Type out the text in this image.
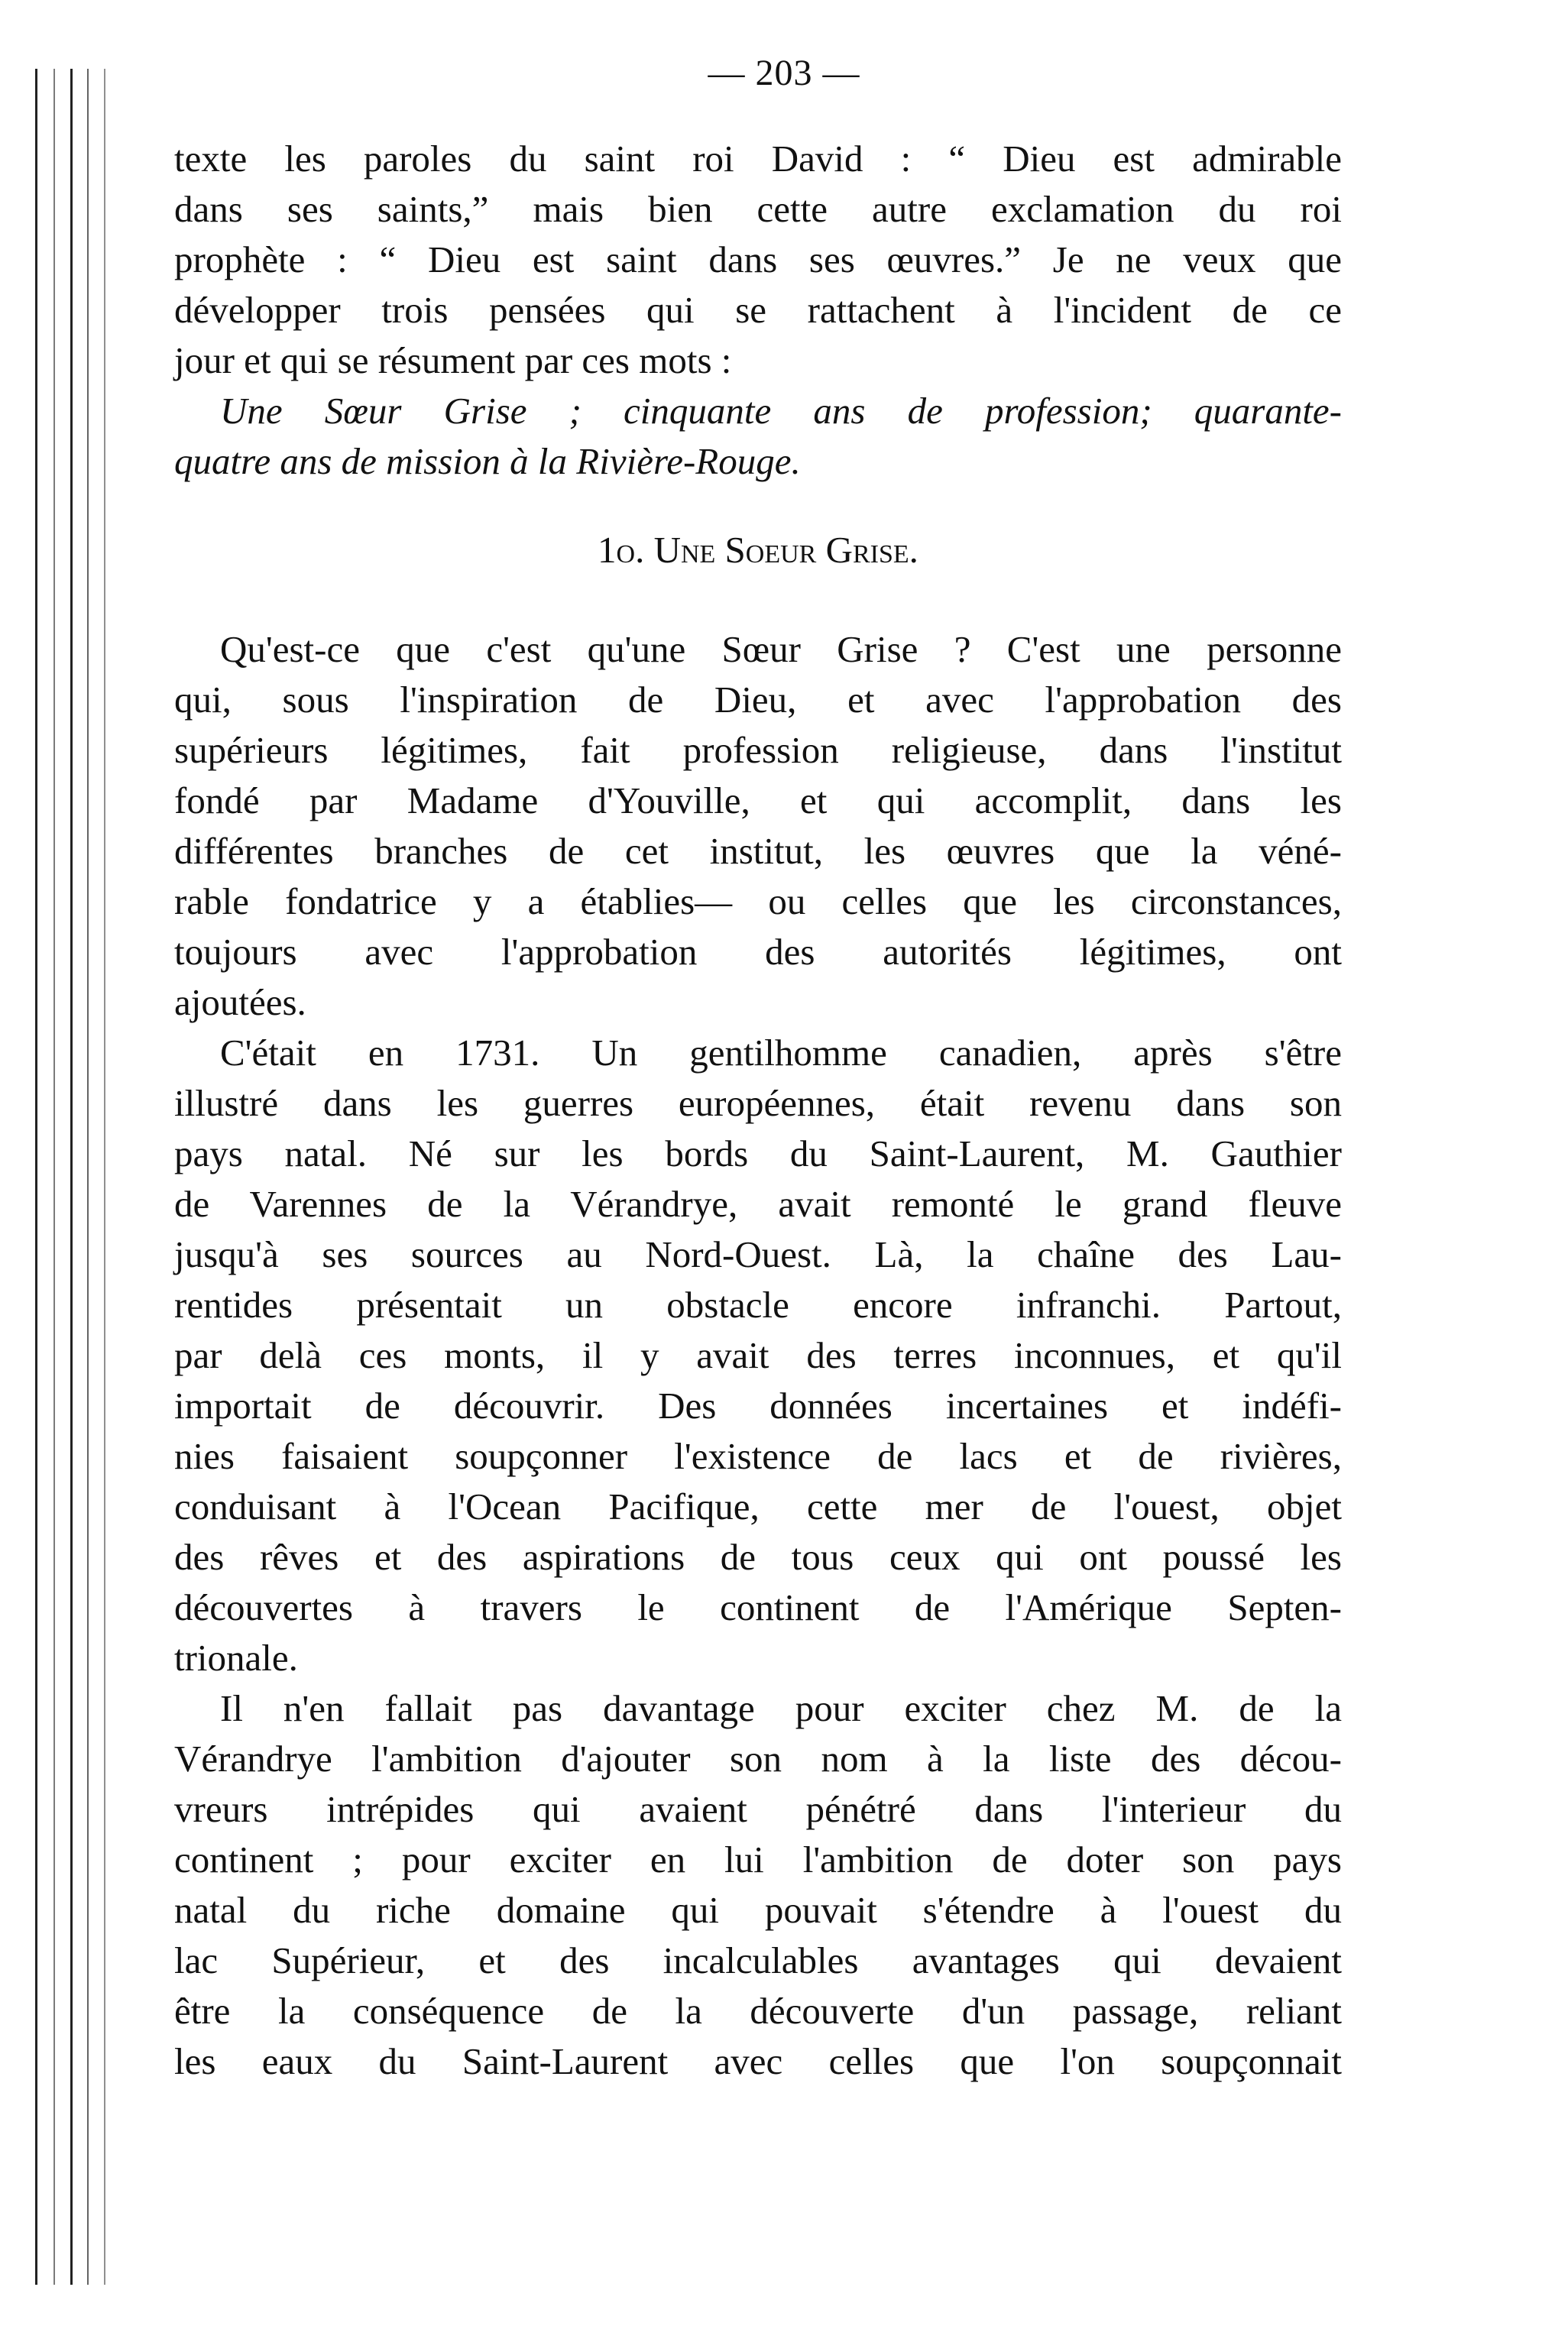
— 203 —
texte les paroles du saint roi David : “ Dieu est admirable
dans ses saints,” mais bien cette autre exclamation du roi
prophète : “ Dieu est saint dans ses œuvres.” Je ne veux que
développer trois pensées qui se rattachent à l'incident de ce
jour et qui se résument par ces mots :
Une Sœur Grise ; cinquante ans de profession; quarante-
quatre ans de mission à la Rivière-Rouge.
1o. Une Soeur Grise.
Qu'est-ce que c'est qu'une Sœur Grise ? C'est une personne
qui, sous l'inspiration de Dieu, et avec l'approbation des
supérieurs légitimes, fait profession religieuse, dans l'institut
fondé par Madame d'Youville, et qui accomplit, dans les
différentes branches de cet institut, les œuvres que la véné-
rable fondatrice y a établies— ou celles que les circonstances,
toujours avec l'approbation des autorités légitimes, ont
ajoutées.
C'était en 1731. Un gentilhomme canadien, après s'être
illustré dans les guerres européennes, était revenu dans son
pays natal. Né sur les bords du Saint-Laurent, M. Gauthier
de Varennes de la Vérandrye, avait remonté le grand fleuve
jusqu'à ses sources au Nord-Ouest. Là, la chaîne des Lau-
rentides présentait un obstacle encore infranchi. Partout,
par delà ces monts, il y avait des terres inconnues, et qu'il
importait de découvrir. Des données incertaines et indéfi-
nies faisaient soupçonner l'existence de lacs et de rivières,
conduisant à l'Ocean Pacifique, cette mer de l'ouest, objet
des rêves et des aspirations de tous ceux qui ont poussé les
découvertes à travers le continent de l'Amérique Septen-
trionale.
Il n'en fallait pas davantage pour exciter chez M. de la
Vérandrye l'ambition d'ajouter son nom à la liste des décou-
vreurs intrépides qui avaient pénétré dans l'interieur du
continent ; pour exciter en lui l'ambition de doter son pays
natal du riche domaine qui pouvait s'étendre à l'ouest du
lac Supérieur, et des incalculables avantages qui devaient
être la conséquence de la découverte d'un passage, reliant
les eaux du Saint-Laurent avec celles que l'on soupçonnait
